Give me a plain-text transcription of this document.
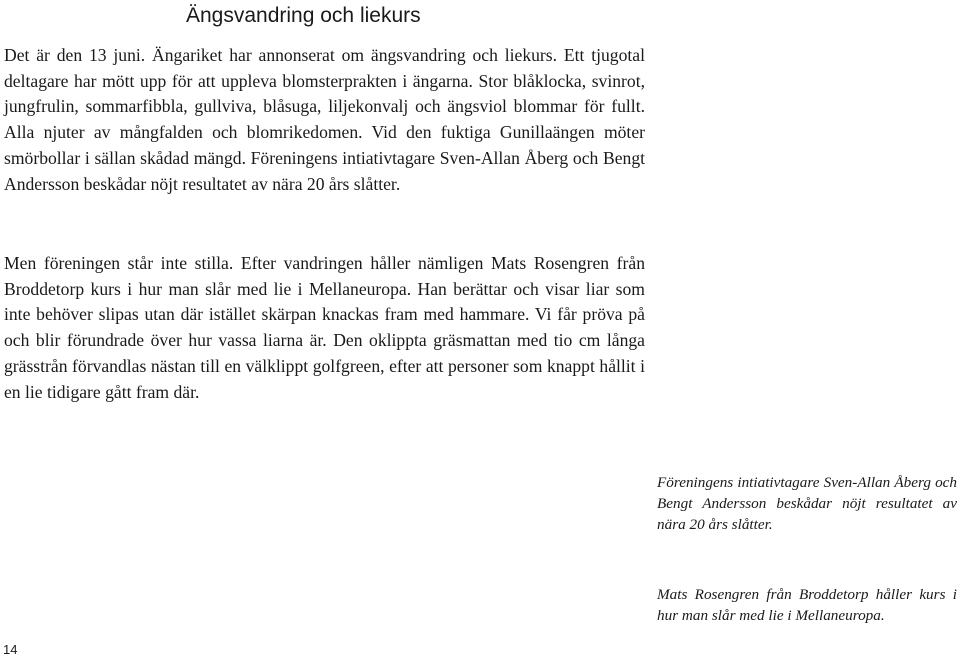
Ängsvandring och liekurs

Det är den 13 juni. Ängariket har annonserat om ängsvandring och liekurs. Ett tjugotal deltagare har mött upp för att uppleva blomsterprakten i ängarna. Stor blåklocka, svinrot, jungfrulin, sommarfibbla, gullviva, blåsuga, liljekonvalj och ängsviol blommar för fullt. Alla njuter av mångfalden och blomrikedomen. Vid den fuktiga Gunillaängen möter smörbollar i sällan skådad mängd. Föreningens intiativtagare Sven-Allan Åberg och Bengt Andersson beskådar nöjt resultatet av nära 20 års slåtter.

Men föreningen står inte stilla. Efter vandringen håller nämligen Mats Rosengren från Broddetorp kurs i hur man slår med lie i Mellaneuropa. Han berättar och visar liar som inte behöver slipas utan där istället skärpan knackas fram med hammare. Vi får pröva på och blir förundrade över hur vassa liarna är. Den oklippta gräsmattan med tio cm långa grässtrån förvandlas nästan till en välklippt golfgreen, efter att personer som knappt hållit i en lie tidigare gått fram där.

Föreningens intiativtagare Sven-Allan Åberg och Bengt Andersson beskådar nöjt resultatet av nära 20 års slåtter.

Mats Rosengren från Broddetorp håller kurs i hur man slår med lie i Mellaneuropa.

14
